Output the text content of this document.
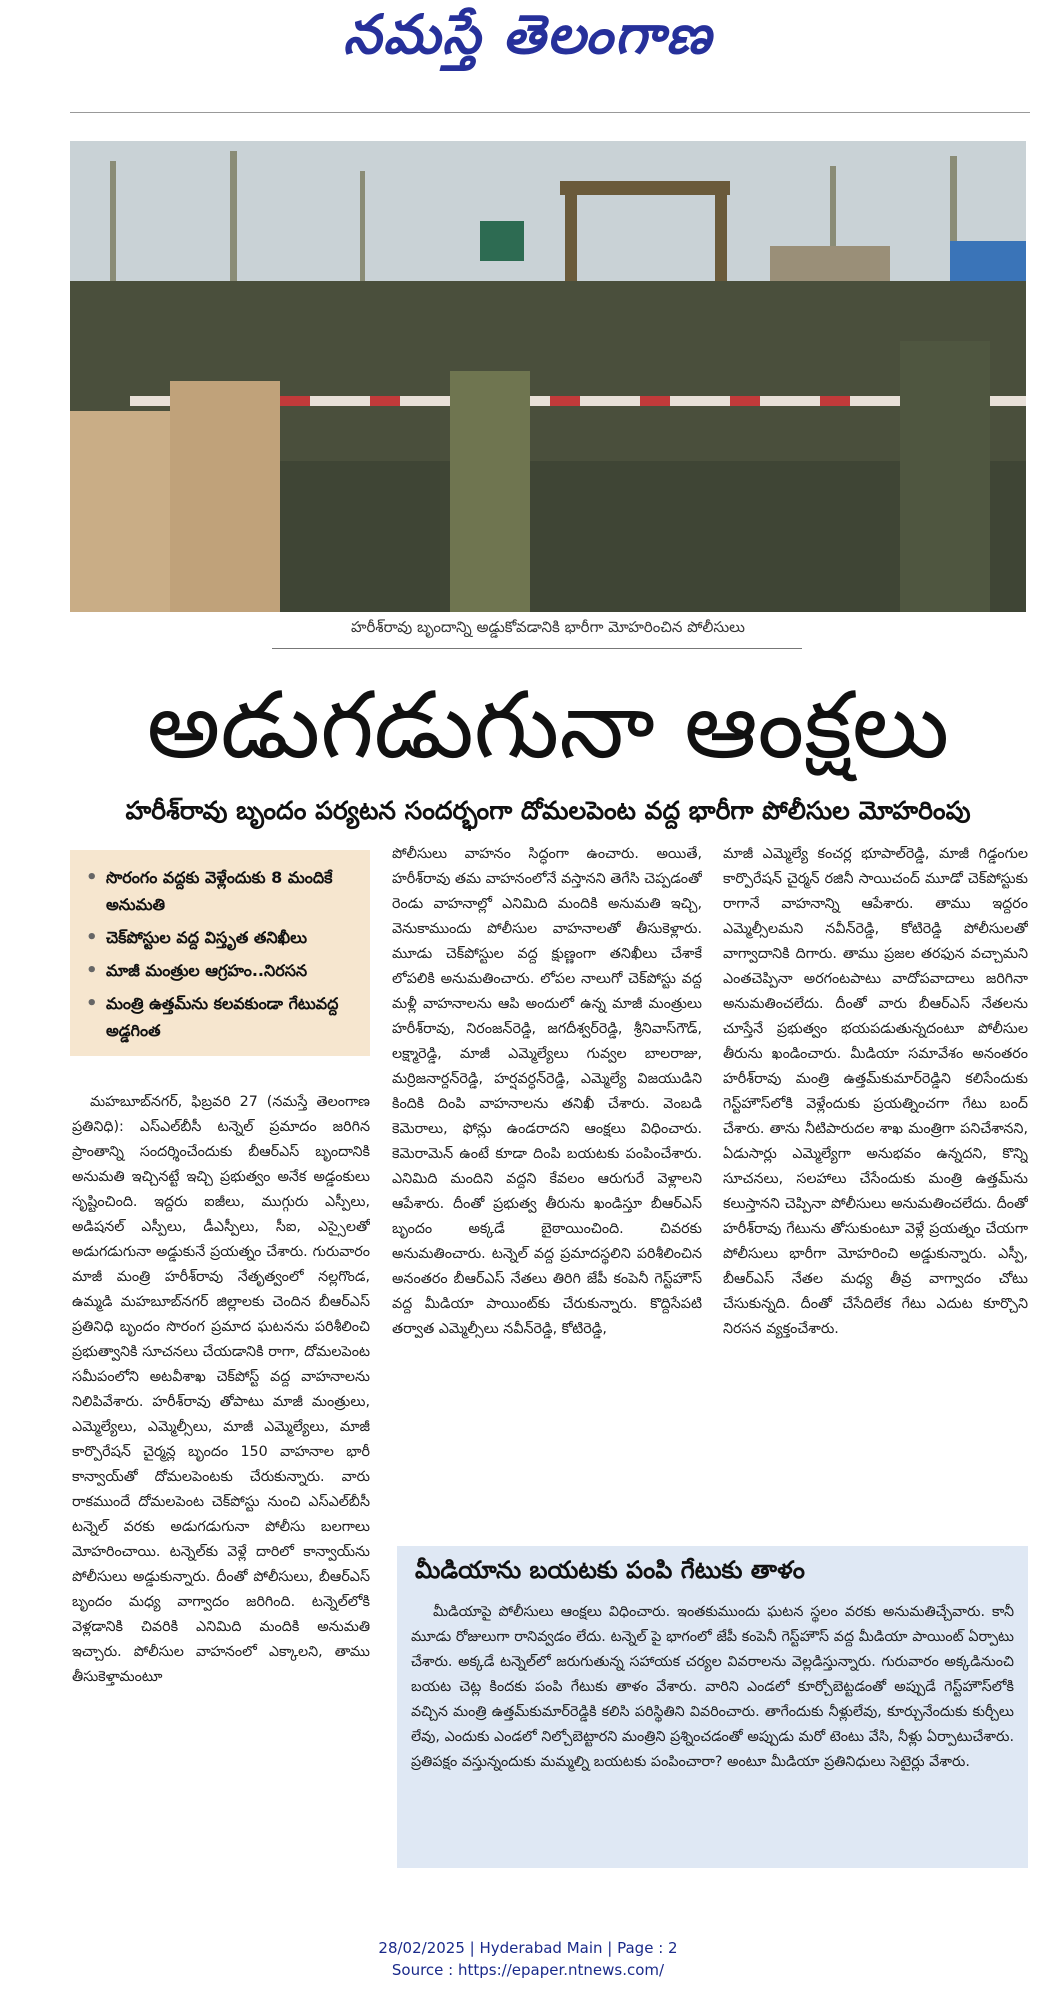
నమస్తే తెలంగాణ
హరీశ్‌రావు బృందాన్ని అడ్డుకోవడానికి భారీగా మోహరించిన పోలీసులు
అడుగడుగునా ఆంక్షలు
హరీశ్‌రావు బృందం పర్యటన సందర్భంగా దోమలపెంట వద్ద భారీగా పోలీసుల మోహరింపు
• సొరంగం వద్దకు వెళ్లేందుకు 8 మందికే అనుమతి
• చెక్‌పోస్టుల వద్ద విస్తృత తనిఖీలు
• మాజీ మంత్రుల ఆగ్రహం..నిరసన
• మంత్రి ఉత్తమ్‌ను కలవకుండా గేటువద్ద అడ్డగింత

మహబూబ్‌నగర్‌, ఫిబ్రవరి 27 (నమస్తే తెలంగాణ ప్రతినిధి): ఎస్‌ఎల్‌బీసీ టన్నెల్‌ ప్రమాదం జరిగిన ప్రాంతాన్ని సందర్శించేందుకు బీఆర్‌ఎస్‌ బృందానికి అనుమతి ఇచ్చినట్టే ఇచ్చి ప్రభుత్వం అనేక అడ్డంకులు సృష్టించింది. ఇద్దరు ఐజీలు, ముగ్గురు ఎస్పీలు, అడిషనల్‌ ఎస్పీలు, డీఎస్పీలు, సీఐ, ఎస్సైలతో అడుగడుగునా అడ్డుకునే ప్రయత్నం చేశారు. గురువారం మాజీ మంత్రి హరీశ్‌రావు నేతృత్వంలో నల్లగొండ, ఉమ్మడి మహబూబ్‌నగర్‌ జిల్లాలకు చెందిన బీఆర్‌ఎస్‌ ప్రతినిధి బృందం సొరంగ ప్రమాద ఘటనను పరిశీలించి ప్రభుత్వానికి సూచనలు చేయడానికి రాగా, దోమలపెంట సమీపంలోని అటవీశాఖ చెక్‌పోస్ట్‌ వద్ద వాహనాలను నిలిపివేశారు. హరీశ్‌రావు తోపాటు మాజీ మంత్రులు, ఎమ్మెల్యేలు, ఎమ్మెల్సీలు, మాజీ ఎమ్మెల్యేలు, మాజీ కార్పొరేషన్‌ చైర్మన్ల బృందం 150 వాహనాల భారీ కాన్వాయ్‌తో దోమలపెంటకు చేరుకున్నారు. వారు రాకముందే దోమలపెంట చెక్‌పోస్టు నుంచి ఎస్‌ఎల్‌బీసీ టన్నెల్‌ వరకు అడుగడుగునా పోలీసు బలగాలు మోహరించాయి. టన్నెల్‌కు వెళ్లే దారిలో కాన్వాయ్‌ను పోలీసులు అడ్డుకున్నారు. దీంతో పోలీసులు, బీఆర్‌ఎస్‌ బృందం మధ్య వాగ్వాదం జరిగింది. టన్నెల్‌లోకి వెళ్లడానికి చివరికి ఎనిమిది మందికి అనుమతి ఇచ్చారు. పోలీసుల వాహనంలో ఎక్కాలని, తాము తీసుకెళ్తామంటూ

పోలీసులు వాహనం సిద్ధంగా ఉంచారు. అయితే, హరీశ్‌రావు తమ వాహనంలోనే వస్తానని తెగేసి చెప్పడంతో రెండు వాహనాల్లో ఎనిమిది మందికి అనుమతి ఇచ్చి, వెనుకాముందు పోలీసుల వాహనాలతో తీసుకెళ్లారు. మూడు చెక్‌పోస్టుల వద్ద క్షుణ్ణంగా తనిఖీలు చేశాకే లోపలికి అనుమతించారు. లోపల నాలుగో చెక్‌పోస్టు వద్ద మళ్లీ వాహనాలను ఆపి అందులో ఉన్న మాజీ మంత్రులు హరీశ్‌రావు, నిరంజన్‌రెడ్డి, జగదీశ్వర్‌రెడ్డి, శ్రీనివాస్‌గౌడ్‌, లక్ష్మారెడ్డి, మాజీ ఎమ్మెల్యేలు గువ్వల బాలరాజు, మర్రిజనార్దన్‌రెడ్డి, హర్షవర్ధన్‌రెడ్డి, ఎమ్మెల్యే విజయుడిని కిందికి దింపి వాహనాలను తనిఖీ చేశారు. వెంబడి కెమెరాలు, ఫోన్లు ఉండరాదని ఆంక్షలు విధించారు. కెమెరామెన్‌ ఉంటే కూడా దింపి బయటకు పంపించేశారు. ఎనిమిది మందిని వద్దని కేవలం ఆరుగురే వెళ్లాలని ఆపేశారు. దీంతో ప్రభుత్వ తీరును ఖండిస్తూ బీఆర్‌ఎస్‌ బృందం అక్కడే బైఠాయించింది. చివరకు అనుమతించారు. టన్నెల్‌ వద్ద ప్రమాదస్థలిని పరిశీలించిన అనంతరం బీఆర్‌ఎస్‌ నేతలు తిరిగి జేపీ కంపెనీ గెస్ట్‌హౌస్‌ వద్ద మీడియా పాయింట్‌కు చేరుకున్నారు. కొద్దిసేపటి తర్వాత ఎమ్మెల్సీలు నవీన్‌రెడ్డి, కోటిరెడ్డి,

మాజీ ఎమ్మెల్యే కంచర్ల భూపాల్‌రెడ్డి, మాజీ గిడ్డంగుల కార్పొరేషన్‌ చైర్మన్‌ రజినీ సాయిచంద్‌ మూడో చెక్‌పోస్టుకు రాగానే వాహనాన్ని ఆపేశారు. తాము ఇద్దరం ఎమ్మెల్సీలమని నవీన్‌రెడ్డి, కోటిరెడ్డి పోలీసులతో వాగ్వాదానికి దిగారు. తాము ప్రజల తరఫున వచ్చామని ఎంతచెప్పినా అరగంటపాటు వాదోపవాదాలు జరిగినా అనుమతించలేదు. దీంతో వారు బీఆర్‌ఎస్‌ నేతలను చూస్తేనే ప్రభుత్వం భయపడుతున్నదంటూ పోలీసుల తీరును ఖండించారు. మీడియా సమావేశం అనంతరం హరీశ్‌రావు మంత్రి ఉత్తమ్‌కుమార్‌రెడ్డిని కలిసేందుకు గెస్ట్‌హౌస్‌లోకి వెళ్లేందుకు ప్రయత్నించగా గేటు బంద్‌ చేశారు. తాను నీటిపారుదల శాఖ మంత్రిగా పనిచేశానని, ఏడుసార్లు ఎమ్మెల్యేగా అనుభవం ఉన్నదని, కొన్ని సూచనలు, సలహాలు చేసేందుకు మంత్రి ఉత్తమ్‌ను కలుస్తానని చెప్పినా పోలీసులు అనుమతించలేదు. దీంతో హరీశ్‌రావు గేటును తోసుకుంటూ వెళ్లే ప్రయత్నం చేయగా పోలీసులు భారీగా మోహరించి అడ్డుకున్నారు. ఎస్పీ, బీఆర్‌ఎస్‌ నేతల మధ్య తీవ్ర వాగ్వాదం చోటు చేసుకున్నది. దీంతో చేసేదిలేక గేటు ఎదుట కూర్చొని నిరసన వ్యక్తంచేశారు.

మీడియాను బయటకు పంపి గేటుకు తాళం

మీడియాపై పోలీసులు ఆంక్షలు విధించారు. ఇంతకుముందు ఘటన స్థలం వరకు అనుమతిచ్చేవారు. కానీ మూడు రోజులుగా రానివ్వడం లేదు. టన్నెల్‌ పై భాగంలో జేపీ కంపెనీ గెస్ట్‌హౌస్‌ వద్ద మీడియా పాయింట్‌ ఏర్పాటు చేశారు. అక్కడే టన్నెల్‌లో జరుగుతున్న సహాయక చర్యల వివరాలను వెల్లడిస్తున్నారు. గురువారం అక్కడినుంచి బయట చెట్ల కిందకు పంపి గేటుకు తాళం వేశారు. వారిని ఎండలో కూర్చోబెట్టడంతో అప్పుడే గెస్ట్‌హౌస్‌లోకి వచ్చిన మంత్రి ఉత్తమ్‌కుమార్‌రెడ్డికి కలిసి పరిస్థితిని వివరించారు. తాగేందుకు నీళ్లులేవు, కూర్చునేందుకు కుర్చీలు లేవు, ఎందుకు ఎండలో నిల్చోబెట్టారని మంత్రిని ప్రశ్నించడంతో అప్పుడు మరో టెంటు వేసి, నీళ్లు ఏర్పాటుచేశారు. ప్రతిపక్షం వస్తున్నందుకు మమ్మల్ని బయటకు పంపించారా? అంటూ మీడియా ప్రతినిధులు సెటైర్లు వేశారు.

28/02/2025 | Hyderabad Main | Page : 2
Source : https://epaper.ntnews.com/
